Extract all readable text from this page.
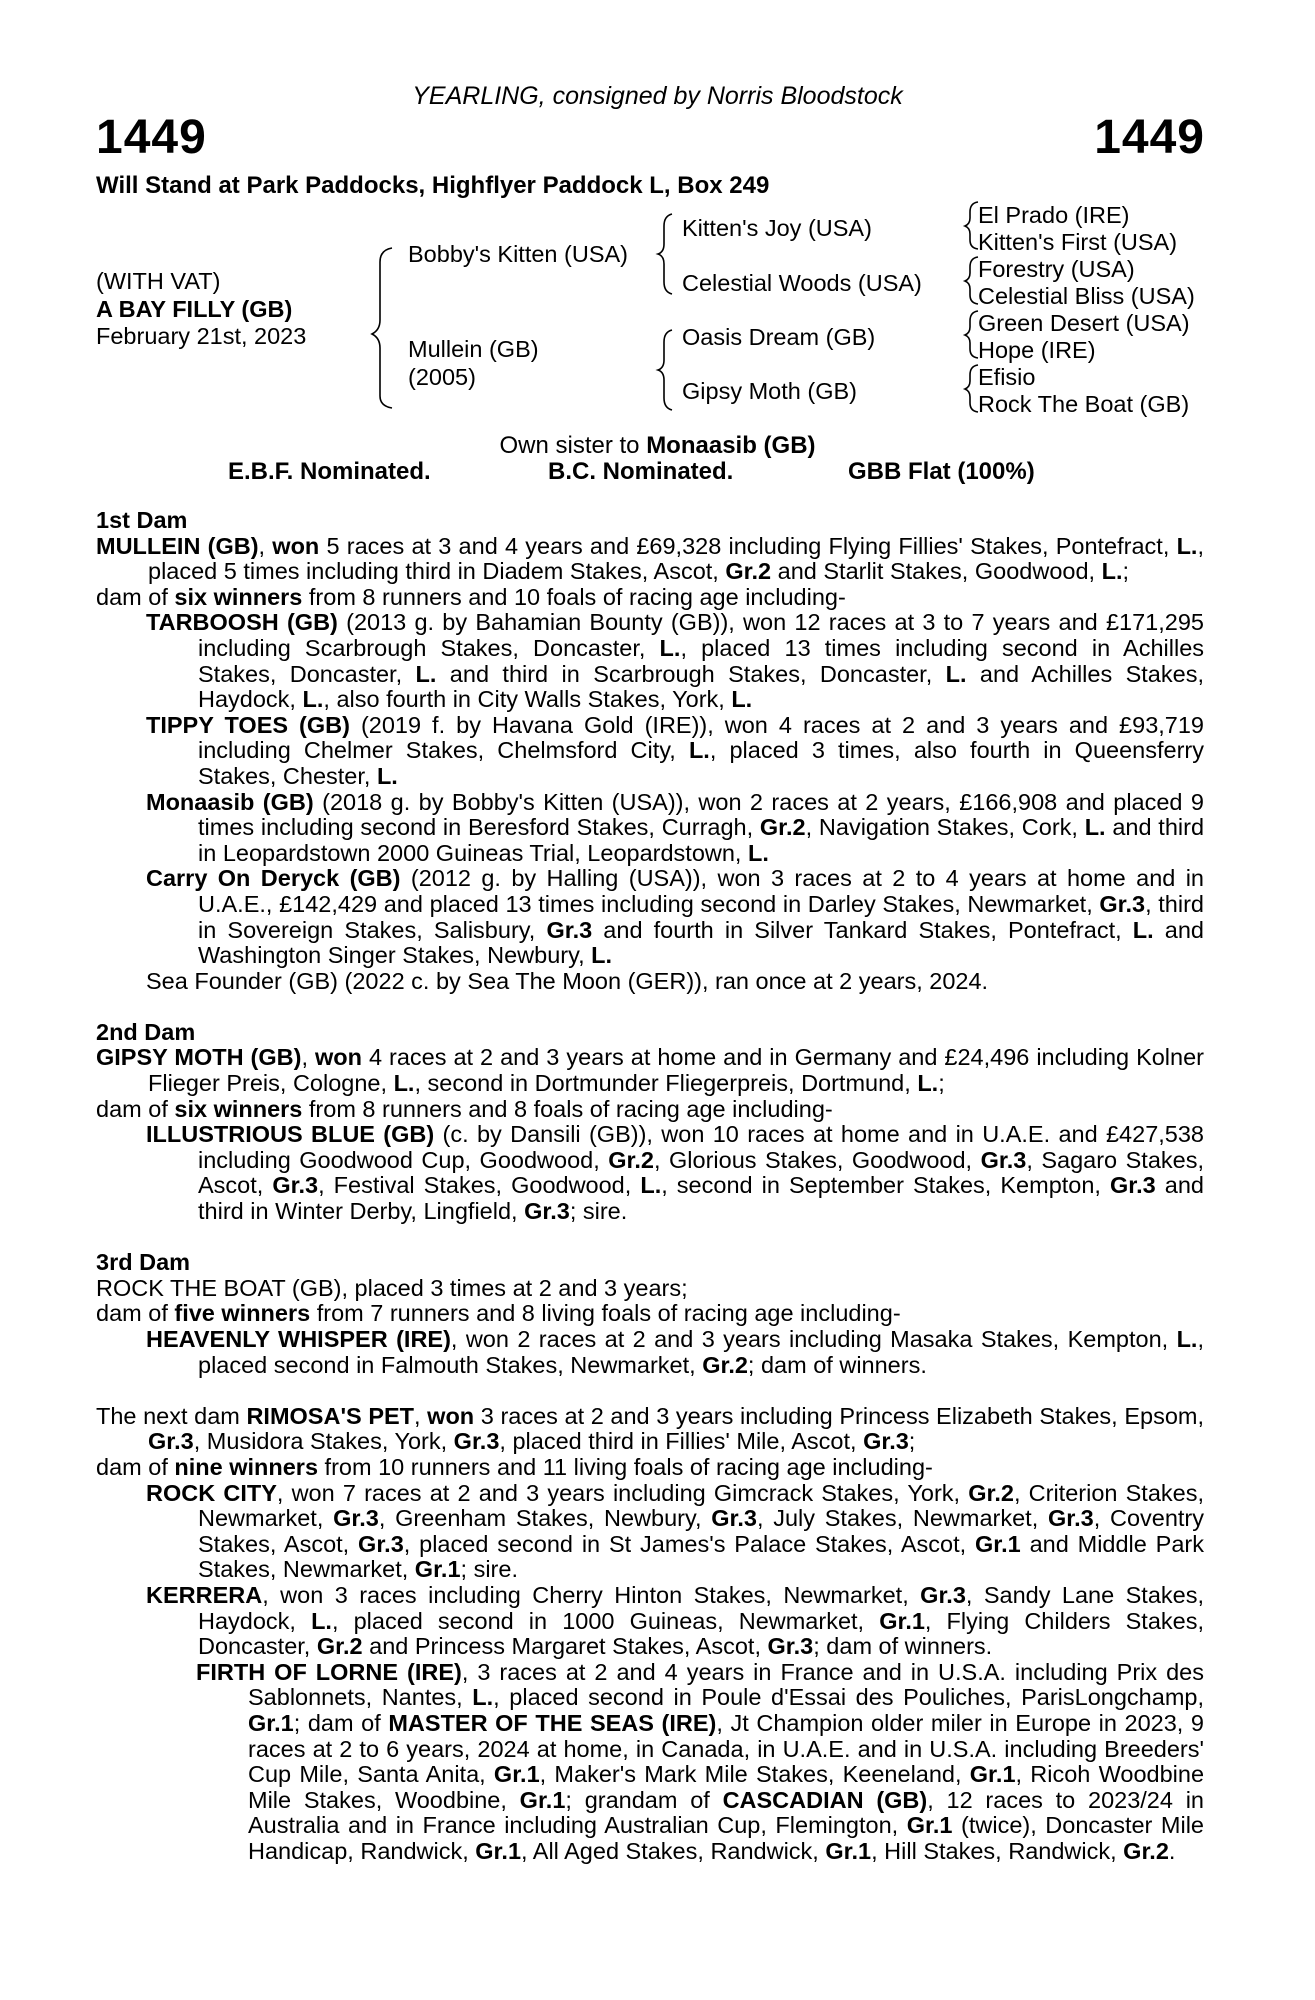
YEARLING, consigned by Norris Bloodstock
1449	1449
Will Stand at Park Paddocks, Highflyer Paddock L, Box 249
(WITH VAT)
A BAY FILLY (GB)
February 21st, 2023
Bobby's Kitten (USA)
Mullein (GB)
(2005)
Kitten's Joy (USA)
Celestial Woods (USA)
Oasis Dream (GB)
Gipsy Moth (GB)
El Prado (IRE)
Kitten's First (USA)
Forestry (USA)
Celestial Bliss (USA)
Green Desert (USA)
Hope (IRE)
Efisio
Rock The Boat (GB)
Own sister to Monaasib (GB)
E.B.F. Nominated.	B.C. Nominated.	GBB Flat (100%)

1st Dam

MULLEIN (GB), won 5 races at 3 and 4 years and £69,328 including Flying Fillies' Stakes, Pontefract, L., placed 5 times including third in Diadem Stakes, Ascot, Gr.2 and Starlit Stakes, Goodwood, L.;

dam of six winners from 8 runners and 10 foals of racing age including-

TARBOOSH (GB) (2013 g. by Bahamian Bounty (GB)), won 12 races at 3 to 7 years and £171,295 including Scarbrough Stakes, Doncaster, L., placed 13 times including second in Achilles Stakes, Doncaster, L. and third in Scarbrough Stakes, Doncaster, L. and Achilles Stakes, Haydock, L., also fourth in City Walls Stakes, York, L.

TIPPY TOES (GB) (2019 f. by Havana Gold (IRE)), won 4 races at 2 and 3 years and £93,719 including Chelmer Stakes, Chelmsford City, L., placed 3 times, also fourth in Queensferry Stakes, Chester, L.

Monaasib (GB) (2018 g. by Bobby's Kitten (USA)), won 2 races at 2 years, £166,908 and placed 9 times including second in Beresford Stakes, Curragh, Gr.2, Navigation Stakes, Cork, L. and third in Leopardstown 2000 Guineas Trial, Leopardstown, L.

Carry On Deryck (GB) (2012 g. by Halling (USA)), won 3 races at 2 to 4 years at home and in U.A.E., £142,429 and placed 13 times including second in Darley Stakes, Newmarket, Gr.3, third in Sovereign Stakes, Salisbury, Gr.3 and fourth in Silver Tankard Stakes, Pontefract, L. and Washington Singer Stakes, Newbury, L.

Sea Founder (GB) (2022 c. by Sea The Moon (GER)), ran once at 2 years, 2024.

2nd Dam

GIPSY MOTH (GB), won 4 races at 2 and 3 years at home and in Germany and £24,496 including Kolner Flieger Preis, Cologne, L., second in Dortmunder Fliegerpreis, Dortmund, L.;

dam of six winners from 8 runners and 8 foals of racing age including-

ILLUSTRIOUS BLUE (GB) (c. by Dansili (GB)), won 10 races at home and in U.A.E. and £427,538 including Goodwood Cup, Goodwood, Gr.2, Glorious Stakes, Goodwood, Gr.3, Sagaro Stakes, Ascot, Gr.3, Festival Stakes, Goodwood, L., second in September Stakes, Kempton, Gr.3 and third in Winter Derby, Lingfield, Gr.3; sire.

3rd Dam

ROCK THE BOAT (GB), placed 3 times at 2 and 3 years;

dam of five winners from 7 runners and 8 living foals of racing age including-

HEAVENLY WHISPER (IRE), won 2 races at 2 and 3 years including Masaka Stakes, Kempton, L., placed second in Falmouth Stakes, Newmarket, Gr.2; dam of winners.

The next dam RIMOSA'S PET, won 3 races at 2 and 3 years including Princess Elizabeth Stakes, Epsom, Gr.3, Musidora Stakes, York, Gr.3, placed third in Fillies' Mile, Ascot, Gr.3;

dam of nine winners from 10 runners and 11 living foals of racing age including-

ROCK CITY, won 7 races at 2 and 3 years including Gimcrack Stakes, York, Gr.2, Criterion Stakes, Newmarket, Gr.3, Greenham Stakes, Newbury, Gr.3, July Stakes, Newmarket, Gr.3, Coventry Stakes, Ascot, Gr.3, placed second in St James's Palace Stakes, Ascot, Gr.1 and Middle Park Stakes, Newmarket, Gr.1; sire.

KERRERA, won 3 races including Cherry Hinton Stakes, Newmarket, Gr.3, Sandy Lane Stakes, Haydock, L., placed second in 1000 Guineas, Newmarket, Gr.1, Flying Childers Stakes, Doncaster, Gr.2 and Princess Margaret Stakes, Ascot, Gr.3; dam of winners.

FIRTH OF LORNE (IRE), 3 races at 2 and 4 years in France and in U.S.A. including Prix des Sablonnets, Nantes, L., placed second in Poule d'Essai des Pouliches, ParisLongchamp, Gr.1; dam of MASTER OF THE SEAS (IRE), Jt Champion older miler in Europe in 2023, 9 races at 2 to 6 years, 2024 at home, in Canada, in U.A.E. and in U.S.A. including Breeders' Cup Mile, Santa Anita, Gr.1, Maker's Mark Mile Stakes, Keeneland, Gr.1, Ricoh Woodbine Mile Stakes, Woodbine, Gr.1; grandam of CASCADIAN (GB), 12 races to 2023/24 in Australia and in France including Australian Cup, Flemington, Gr.1 (twice), Doncaster Mile Handicap, Randwick, Gr.1, All Aged Stakes, Randwick, Gr.1, Hill Stakes, Randwick, Gr.2.
